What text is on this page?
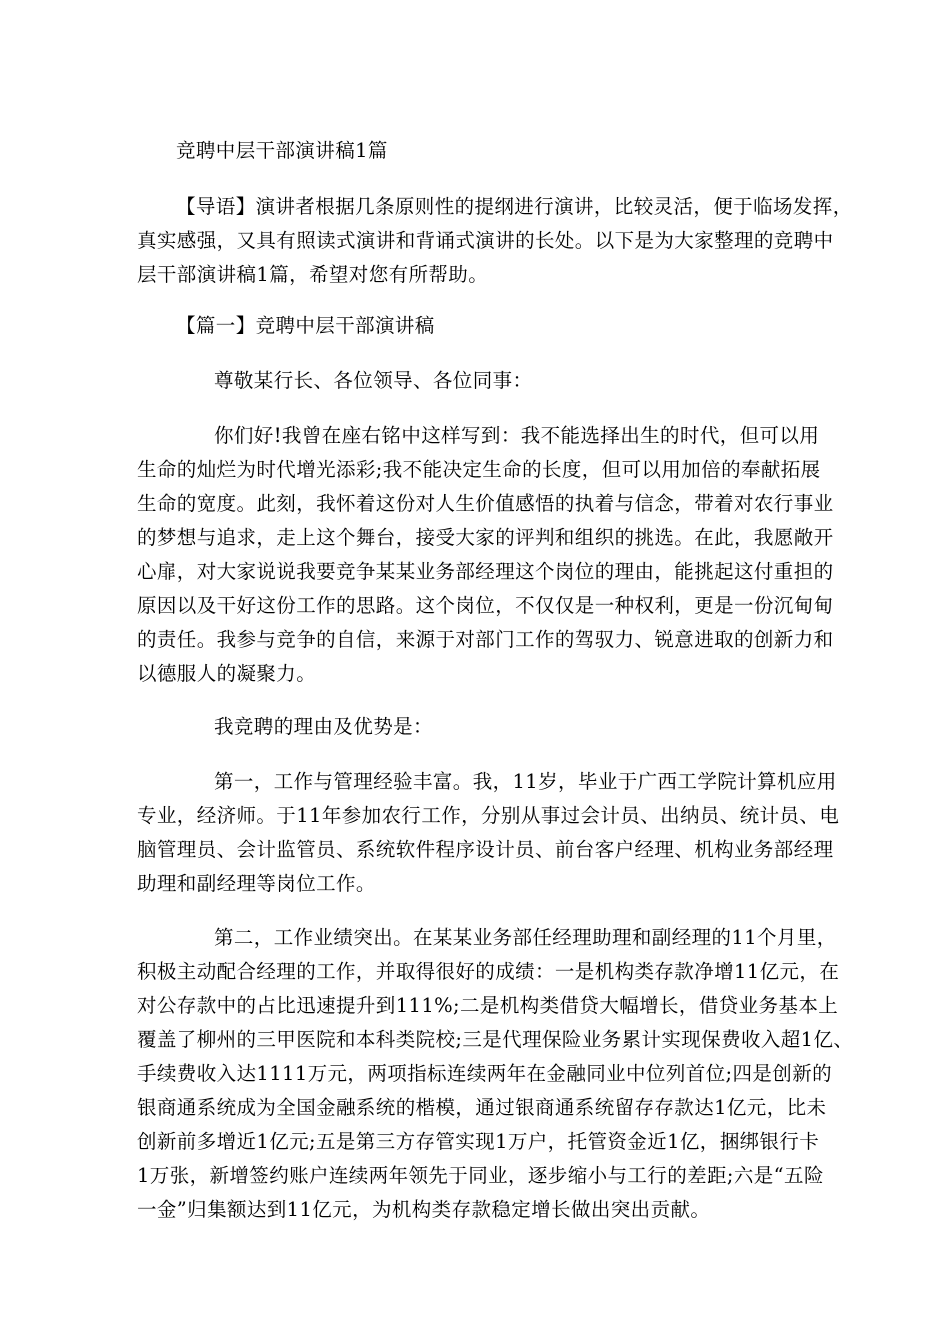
竞聘中层干部演讲稿1篇
【导语】演讲者根据几条原则性的提纲进行演讲，比较灵活，便于临场发挥，
真实感强，又具有照读式演讲和背诵式演讲的长处。以下是为大家整理的竞聘中
层干部演讲稿1篇，希望对您有所帮助。
【篇一】竞聘中层干部演讲稿
尊敬某行长、各位领导、各位同事：
你们好!我曾在座右铭中这样写到：我不能选择出生的时代，但可以用
生命的灿烂为时代增光添彩;我不能决定生命的长度，但可以用加倍的奉献拓展
生命的宽度。此刻，我怀着这份对人生价值感悟的执着与信念，带着对农行事业
的梦想与追求，走上这个舞台，接受大家的评判和组织的挑选。在此，我愿敞开
心扉，对大家说说我要竞争某某业务部经理这个岗位的理由，能挑起这付重担的
原因以及干好这份工作的思路。这个岗位，不仅仅是一种权利，更是一份沉甸甸
的责任。我参与竞争的自信，来源于对部门工作的驾驭力、锐意进取的创新力和
以德服人的凝聚力。
我竞聘的理由及优势是：
第一，工作与管理经验丰富。我，11岁，毕业于广西工学院计算机应用
专业，经济师。于11年参加农行工作，分别从事过会计员、出纳员、统计员、电
脑管理员、会计监管员、系统软件程序设计员、前台客户经理、机构业务部经理
助理和副经理等岗位工作。
第二，工作业绩突出。在某某业务部任经理助理和副经理的11个月里，
积极主动配合经理的工作，并取得很好的成绩：一是机构类存款净增11亿元，在
对公存款中的占比迅速提升到111%;二是机构类借贷大幅增长，借贷业务基本上
覆盖了柳州的三甲医院和本科类院校;三是代理保险业务累计实现保费收入超1亿、
手续费收入达1111万元，两项指标连续两年在金融同业中位列首位;四是创新的
银商通系统成为全国金融系统的楷模，通过银商通系统留存存款达1亿元，比未
创新前多增近1亿元;五是第三方存管实现1万户，托管资金近1亿，捆绑银行卡
1万张，新增签约账户连续两年领先于同业，逐步缩小与工行的差距;六是“五险
一金”归集额达到11亿元，为机构类存款稳定增长做出突出贡献。
